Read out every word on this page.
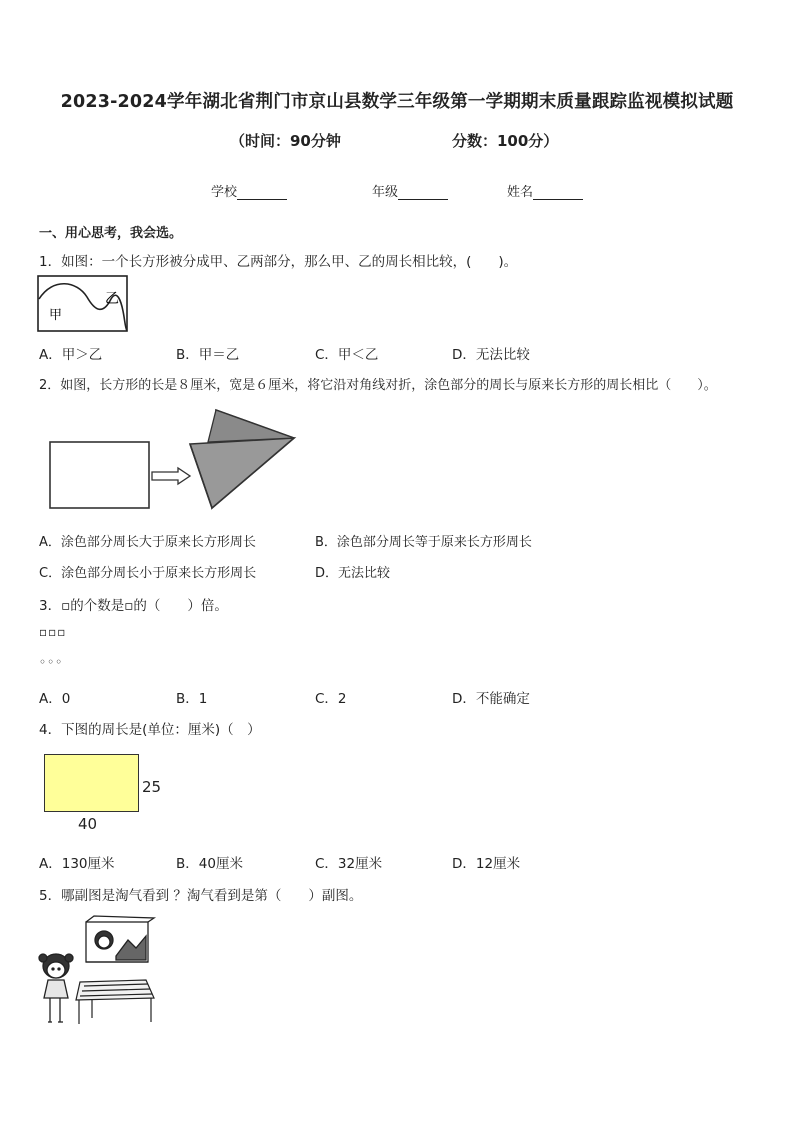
2023-2024学年湖北省荆门市京山县数学三年级第一学期期末质量跟踪监视模拟试题
（时间：90分钟	分数：100分）
学校	年级	姓名
一、用心思考，我会选。
1．如图：一个长方形被分成甲、乙两部分，那么甲、乙的周长相比较，(　　)。
甲
乙
A．甲＞乙	B．甲＝乙	C．甲＜乙	D．无法比较
2．如图，长方形的长是８厘米，宽是６厘米，将它沿对角线对折，涂色部分的周长与原来长方形的周长相比（　　）。
A．涂色部分周长大于原来长方形周长	B．涂色部分周长等于原来长方形周长
C．涂色部分周长小于原来长方形周长	D．无法比较
3．▫的个数是▫的（　　）倍。
▫▫▫
◦◦◦
A．0	B．1	C．2	D．不能确定
4．下图的周长是(单位：厘米)（　）
25
40
A．130厘米	B．40厘米	C．32厘米	D．12厘米
5．哪副图是淘气看到 ？淘气看到是第（　　）副图。
